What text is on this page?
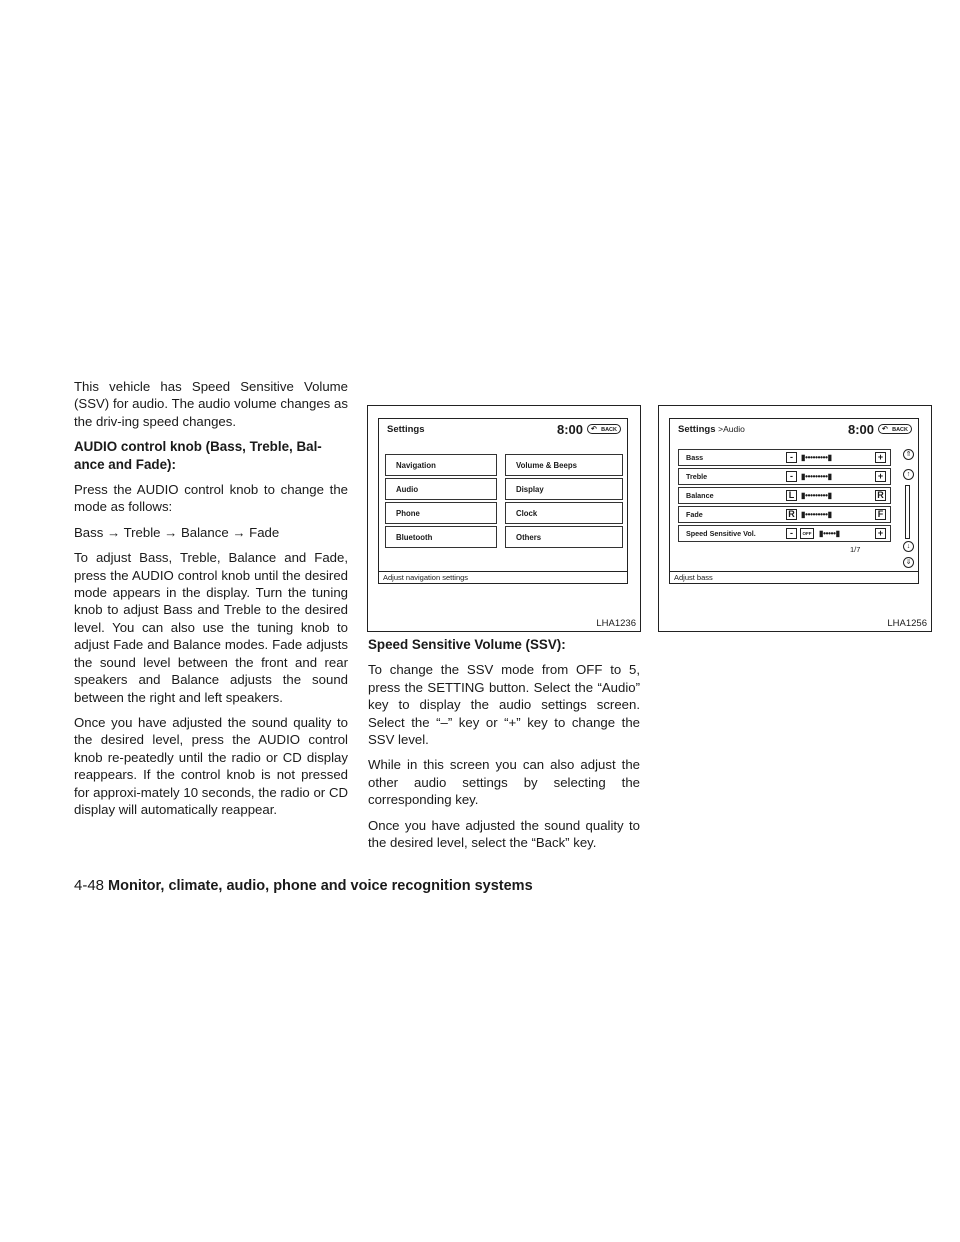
This vehicle has Speed Sensitive Volume (SSV) for audio. The audio volume changes as the driv-ing speed changes.

AUDIO control knob (Bass, Treble, Bal-ance and Fade):

Press the AUDIO control knob to change the mode as follows:

Bass → Treble → Balance → Fade

To adjust Bass, Treble, Balance and Fade, press the AUDIO control knob until the desired mode appears in the display. Turn the tuning knob to adjust Bass and Treble to the desired level. You can also use the tuning knob to adjust Fade and Balance modes. Fade adjusts the sound level between the front and rear speakers and Balance adjusts the sound between the right and left speakers.

Once you have adjusted the sound quality to the desired level, press the AUDIO control knob re-peatedly until the radio or CD display reappears. If the control knob is not pressed for approxi-mately 10 seconds, the radio or CD display will automatically reappear.

Settings	8:00 ↶ BACK
Navigation
Audio
Phone
Bluetooth
Volume & Beeps
Display
Clock
Others
Adjust navigation settings
LHA1236
Settings >Audio	8:00 ↶ BACK
Bass	-	▮•••••••••▮	+
Treble	-	▮•••••••••▮	+
Balance	L ▮•••••••••▮	R
Fade	R ▮•••••••••▮	F
Speed Sensitive Vol.	-	OFF ▮•••••▮	+
⇑
↑
↓
⇓
1/7
Adjust bass
LHA1256
Speed Sensitive Volume (SSV):

To change the SSV mode from OFF to 5, press the SETTING button. Select the “Audio” key to display the audio settings screen. Select the “–” key or “+” key to change the SSV level.

While in this screen you can also adjust the other audio settings by selecting the corresponding key.

Once you have adjusted the sound quality to the desired level, select the “Back” key.

4-48 Monitor, climate, audio, phone and voice recognition systems
